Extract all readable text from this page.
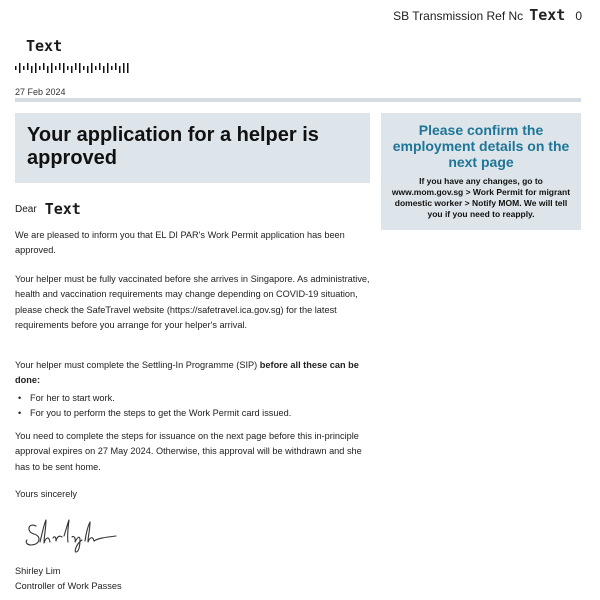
SB Transmission Ref Nc Text 0
Text
27 Feb 2024
Your application for a helper is approved
Please confirm the employment details on the next page
If you have any changes, go to www.mom.gov.sg > Work Permit for migrant domestic worker > Notify MOM. We will tell you if you need to reapply.
Dear Text

We are pleased to inform you that EL DI PAR's Work Permit application has been approved.

Your helper must be fully vaccinated before she arrives in Singapore. As administrative, health and vaccination requirements may change depending on COVID-19 situation, please check the SafeTravel website (https://safetravel.ica.gov.sg) for the latest requirements before you arrange for your helper's arrival.

Your helper must complete the Settling-In Programme (SIP) before all these can be done:
• For her to start work.
• For you to perform the steps to get the Work Permit card issued.

You need to complete the steps for issuance on the next page before this in-principle approval expires on 27 May 2024. Otherwise, this approval will be withdrawn and she has to be sent home.

Yours sincerely

Shirley Lim
Controller of Work Passes
